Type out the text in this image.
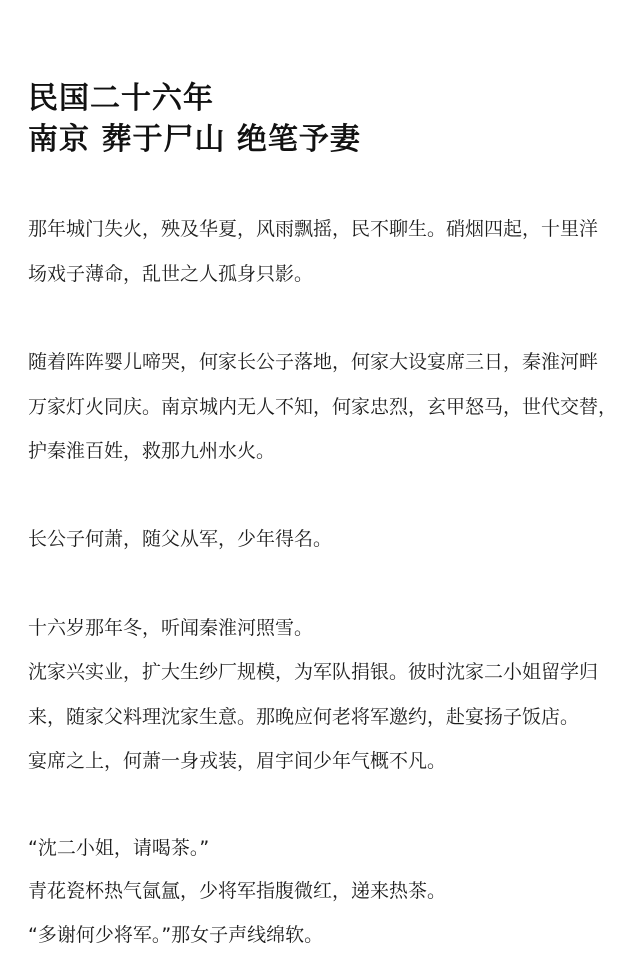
民国二十六年
南京 葬于尸山 绝笔予妻
那年城门失火，殃及华夏，风雨飘摇，民不聊生。硝烟四起，十里洋
场戏子薄命，乱世之人孤身只影。
随着阵阵婴儿啼哭，何家长公子落地，何家大设宴席三日，秦淮河畔
万家灯火同庆。南京城内无人不知，何家忠烈，玄甲怒马，世代交替，
护秦淮百姓，救那九州水火。
长公子何萧，随父从军，少年得名。
十六岁那年冬，听闻秦淮河照雪。
沈家兴实业，扩大生纱厂规模，为军队捐银。彼时沈家二小姐留学归
来，随家父料理沈家生意。那晚应何老将军邀约，赴宴扬子饭店。
宴席之上，何萧一身戎装，眉宇间少年气概不凡。
“沈二小姐，请喝茶。”
青花瓷杯热气氤氲，少将军指腹微红，递来热茶。
“多谢何少将军。”那女子声线绵软。
